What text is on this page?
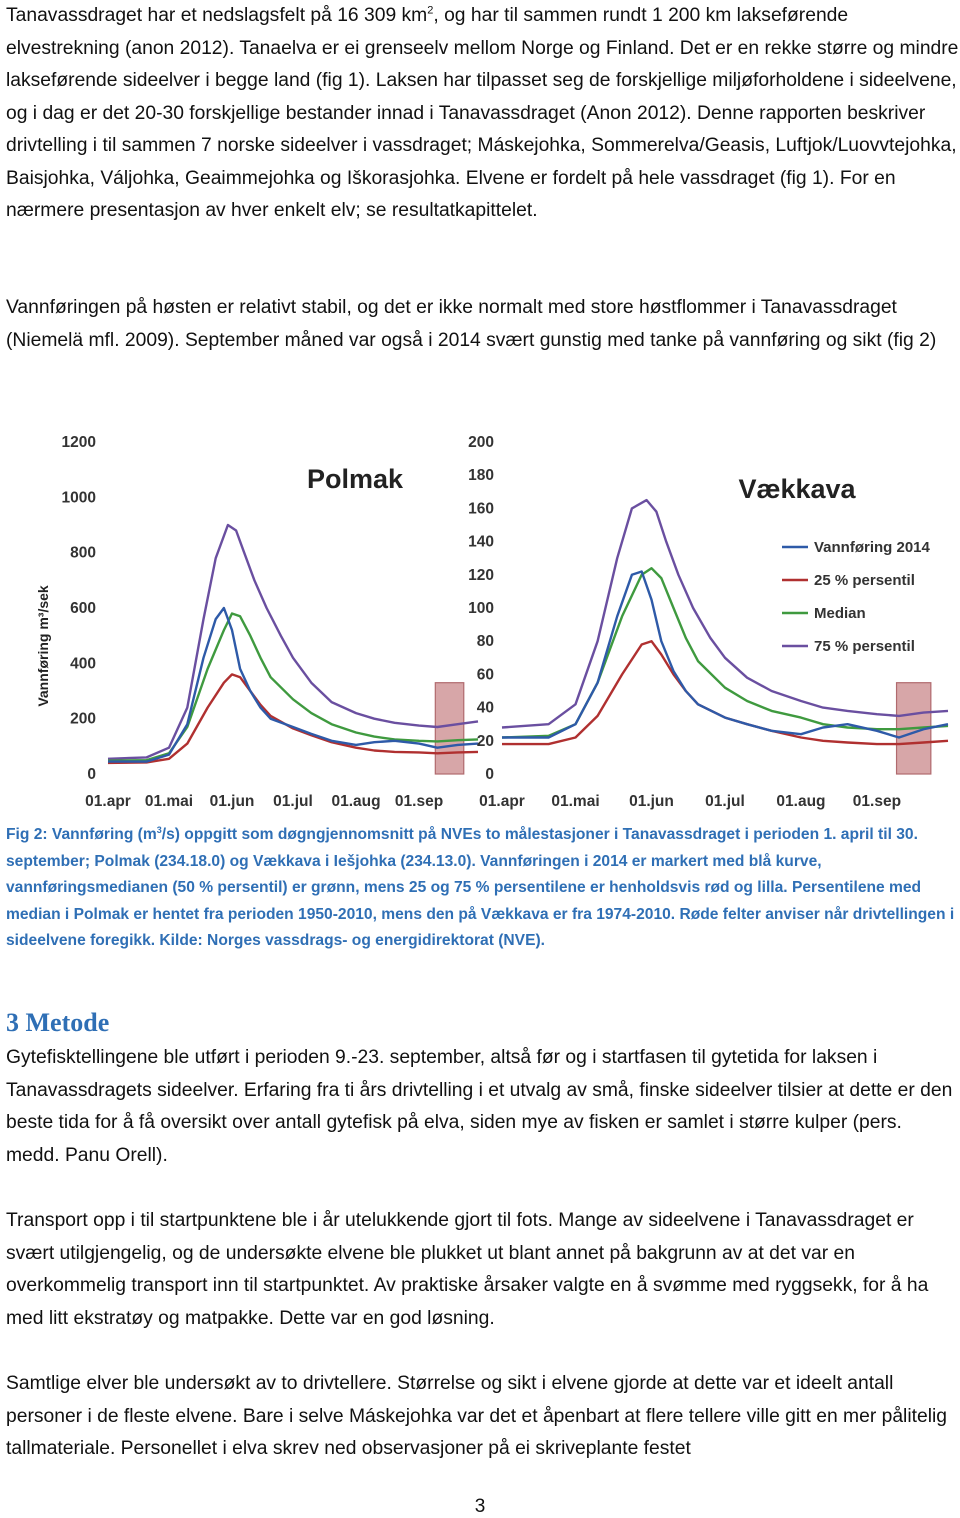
Tanavassdraget har et nedslagsfelt på 16 309 $km^2$, og har til sammen rundt 1 200 km lakseførende elvestrekning (anon 2012). Tanaelva er ei grenseelv mellom Norge og Finland. Det er en rekke større og mindre lakseførende sideelver i begge land (fig 1). Laksen har tilpasset seg de forskjellige miljøforholdene i sideelvene, og i dag er det 20-30 forskjellige bestander innad i Tanavassdraget (Anon 2012). Denne rapporten beskriver drivtelling i til sammen 7 norske sideelver i vassdraget; Máskejohka, Sommerelva/Geasis, Luftjok/Luovvtejohka, Baisjohka, Váljohka, Geaimmejohka og Iškorasjohka. Elvene er fordelt på hele vassdraget (fig 1). For en nærmere presentasjon av hver enkelt elv; se resultatkapittelet.

Vannføringen på høsten er relativt stabil, og det er ikke normalt med store høstflommer i Tanavassdraget (Niemelä mfl. 2009). September måned var også i 2014 svært gunstig med tanke på vannføring og sikt (fig 2)

0
200
400
600
800
1000
1200
01.apr 01.mai 01.jun 01.jul 01.aug 01.sep
Polmak
0
20
40
60
80
100
120
140
160
180
200
01.apr 01.mai 01.jun 01.jul 01.aug 01.sep
Vækkava
Vannføring m³/sek
Vannføring 2014
25 % persentil
Median
75 % persentil

Fig 2: Vannføring $(m^3/s)$ oppgitt som døgngjennomsnitt på NVEs to målestasjoner i Tanavassdraget i perioden 1. april til 30. september; Polmak (234.18.0) og Vækkava i Iešjohka (234.13.0). Vannføringen i 2014 er markert med blå kurve, vannføringsmedianen (50 % persentil) er grønn, mens 25 og 75 % persentilene er henholdsvis rød og lilla. Persentilene med median i Polmak er hentet fra perioden 1950-2010, mens den på Vækkava er fra 1974-2010. Røde felter anviser når drivtellingen i sideelvene foregikk. Kilde: Norges vassdrags- og energidirektorat (NVE).

3 Metode

Gytefisktellingene ble utført i perioden 9.-23. september, altså før og i startfasen til gytetida for laksen i Tanavassdragets sideelver. Erfaring fra ti års drivtelling i et utvalg av små, finske sideelver tilsier at dette er den beste tida for å få oversikt over antall gytefisk på elva, siden mye av fisken er samlet i større kulper (pers. medd. Panu Orell).

Transport opp i til startpunktene ble i år utelukkende gjort til fots. Mange av sideelvene i Tanavassdraget er svært utilgjengelig, og de undersøkte elvene ble plukket ut blant annet på bakgrunn av at det var en overkommelig transport inn til startpunktet. Av praktiske årsaker valgte en å svømme med ryggsekk, for å ha med litt ekstratøy og matpakke. Dette var en god løsning.

Samtlige elver ble undersøkt av to drivtellere. Størrelse og sikt i elvene gjorde at dette var et ideelt antall personer i de fleste elvene. Bare i selve Máskejohka var det et åpenbart at flere tellere ville gitt en mer pålitelig tallmateriale. Personellet i elva skrev ned observasjoner på ei skriveplante festet

3
